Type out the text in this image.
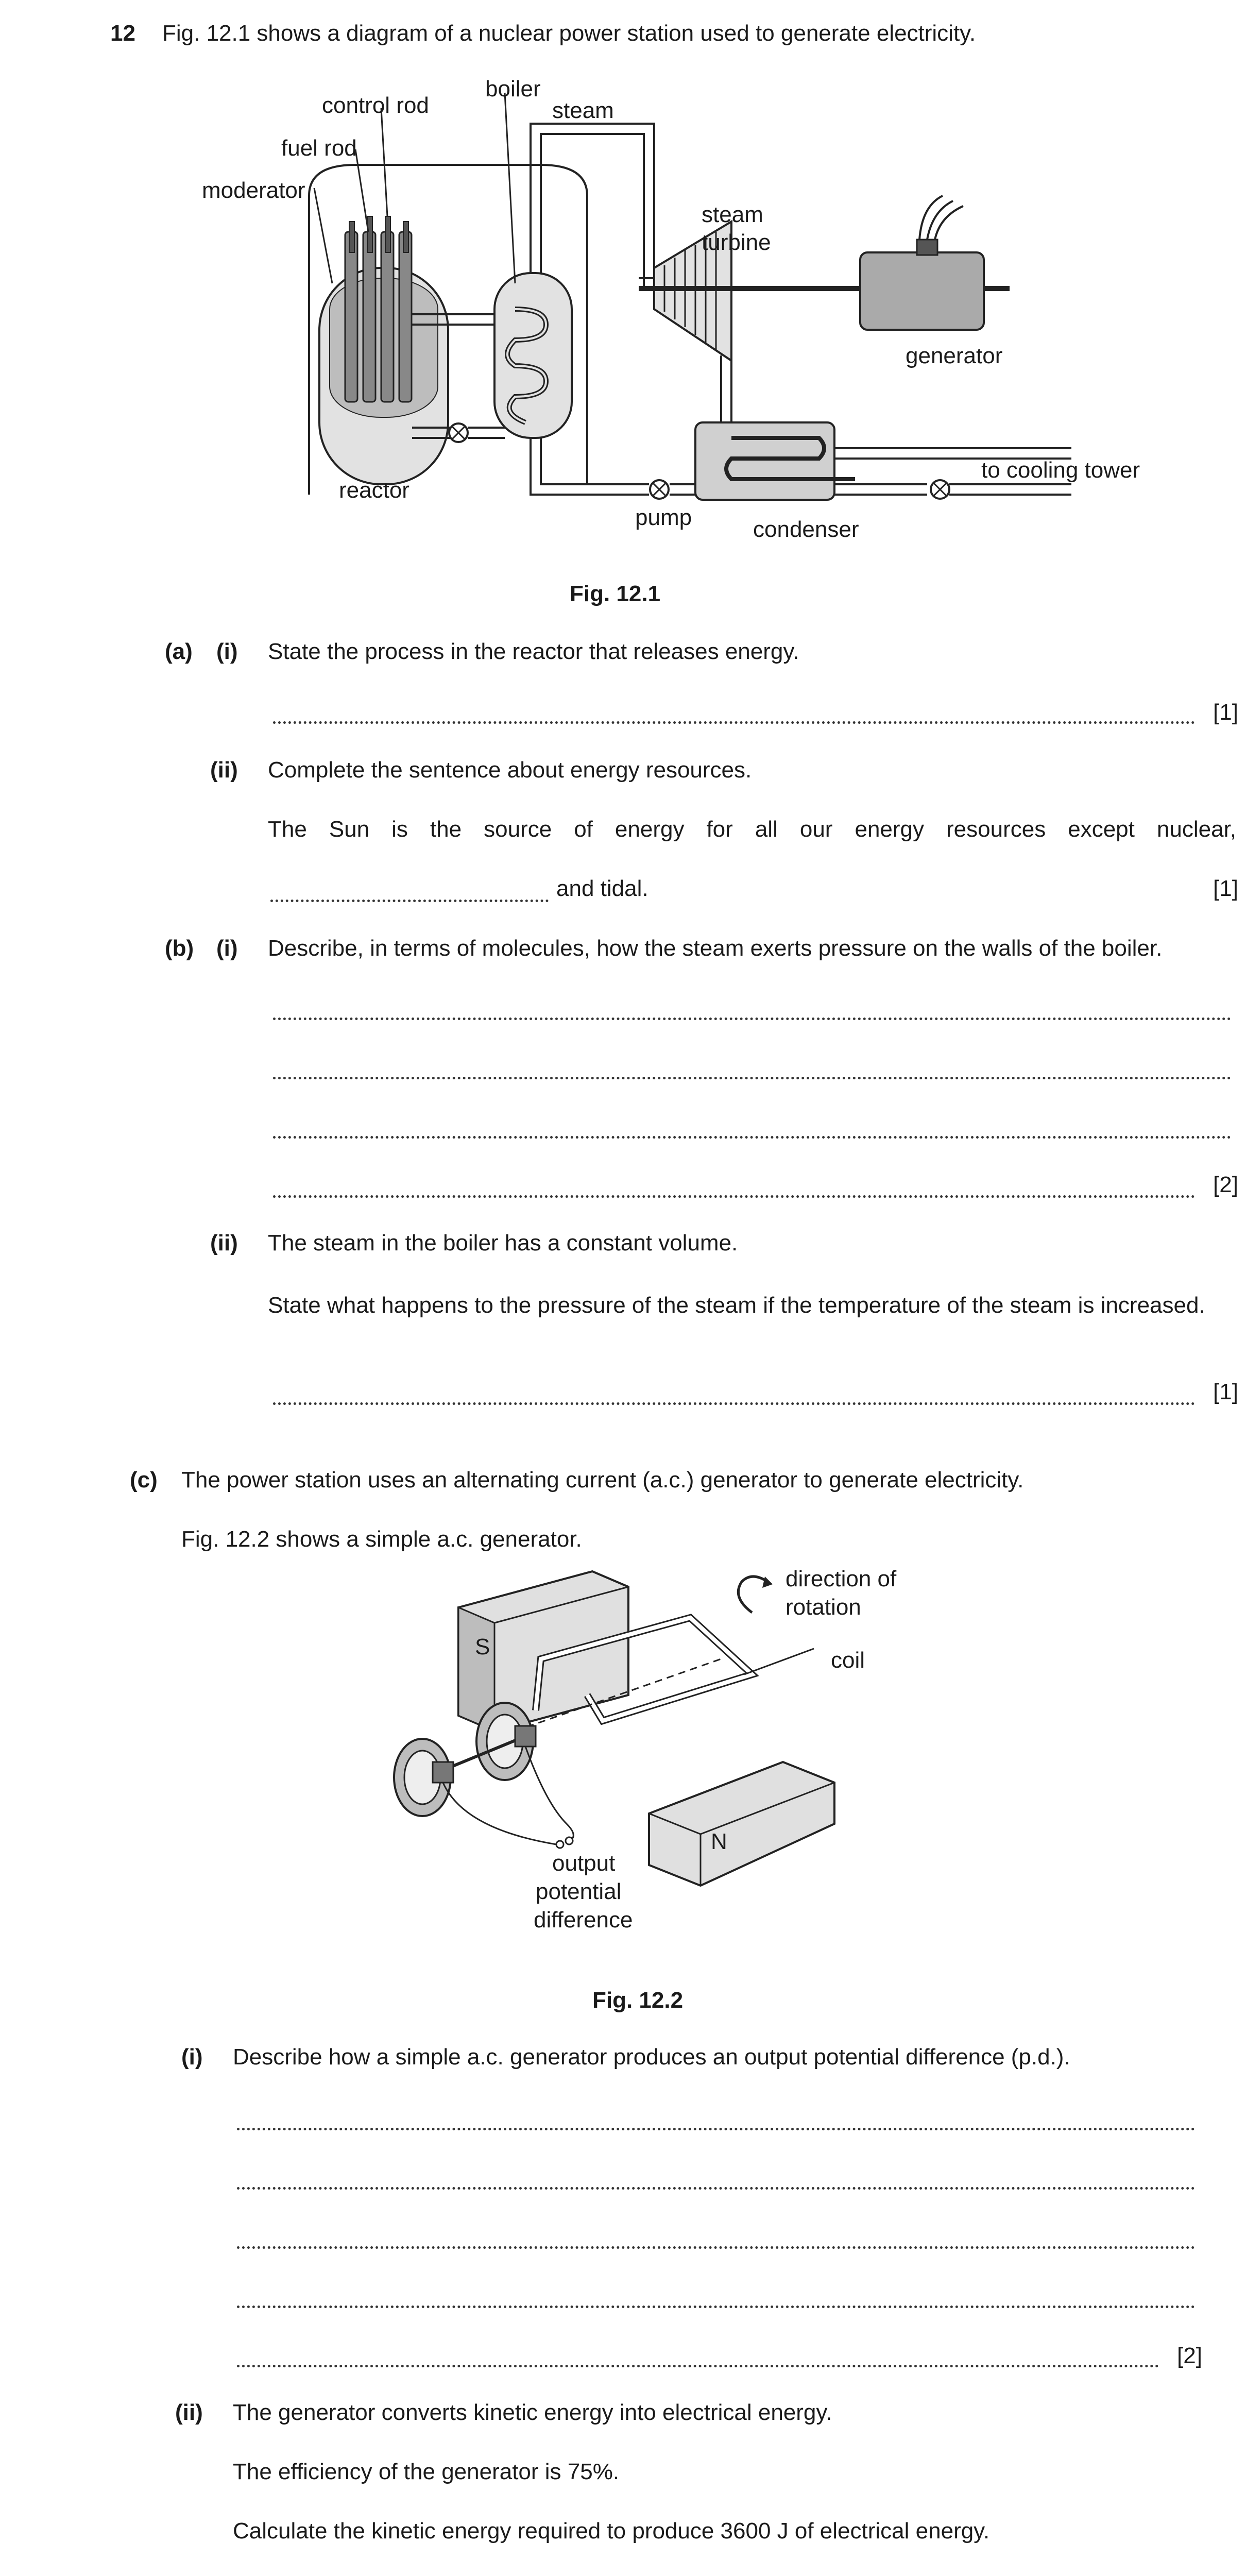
12 Fig. 12.1 shows a diagram of a nuclear power station used to generate electricity.
control rod
boiler
steam
fuel rod
moderator
steam
turbine
generator
reactor
pump	condenser
to cooling tower
Fig. 12.1
(a) (i) State the process in the reactor that releases energy.
[1]
(ii) Complete the sentence about energy resources.
The Sun is the source of energy for all our energy resources except nuclear,
and tidal.	[1]
(b) (i) Describe, in terms of molecules, how the steam exerts pressure on the walls of the boiler.
[2]
(ii) The steam in the boiler has a constant volume.
State what happens to the pressure of the steam if the temperature of the steam is increased.
[1]
(c) The power station uses an alternating current (a.c.) generator to generate electricity.
Fig. 12.2 shows a simple a.c. generator.
direction of
rotation
coil
S
N
output
potential
difference
Fig. 12.2
(i) Describe how a simple a.c. generator produces an output potential difference (p.d.).
[2]
(ii) The generator converts kinetic energy into electrical energy.
The efficiency of the generator is 75%.
Calculate the kinetic energy required to produce 3600 J of electrical energy.
